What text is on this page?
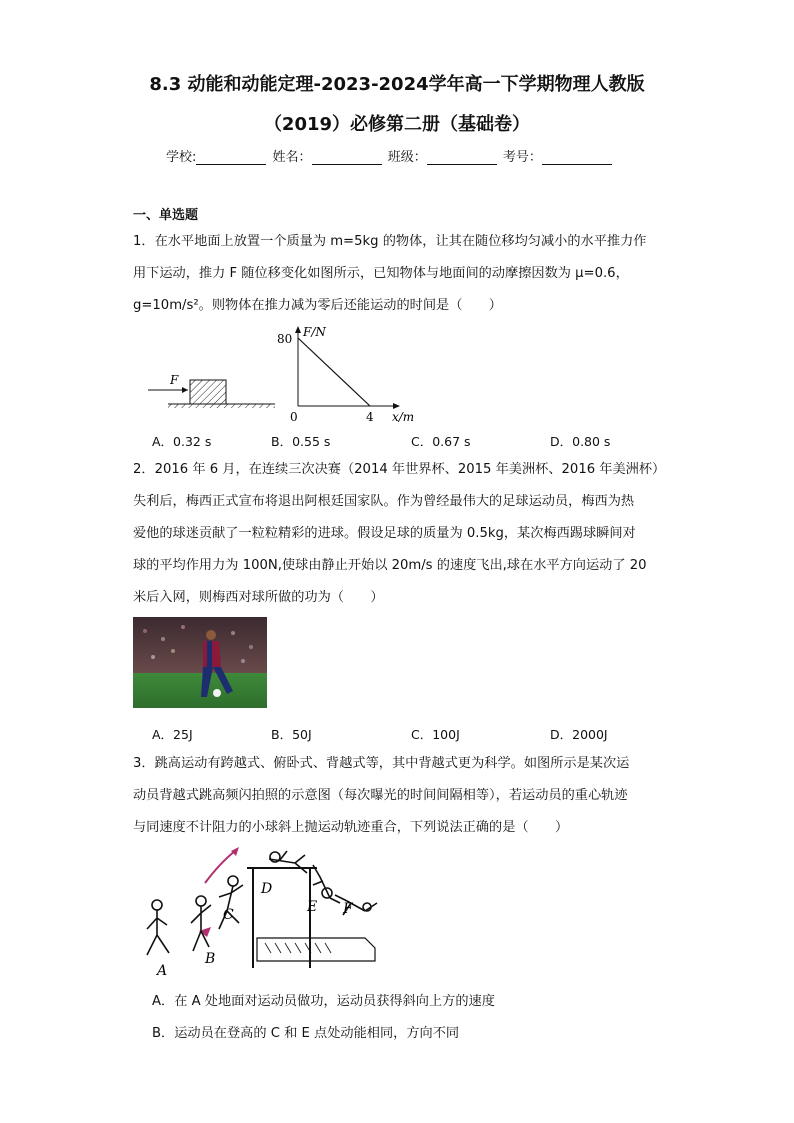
8.3 动能和动能定理-2023-2024学年高一下学期物理人教版
（2019）必修第二册（基础卷）
学校:	姓名：	班级：	考号：
一、单选题
1．在水平地面上放置一个质量为 m=5kg 的物体，让其在随位移均匀减小的水平推力作
用下运动，推力 F 随位移变化如图所示，已知物体与地面间的动摩擦因数为 μ=0.6，
g=10m/s²。则物体在推力减为零后还能运动的时间是（　　）
F
F/N
80
0	4 x/m
A．0.32 s	B．0.55 s	C．0.67 s	D．0.80 s
2．2016 年 6 月，在连续三次决赛（2014 年世界杯、2015 年美洲杯、2016 年美洲杯）
失利后，梅西正式宣布将退出阿根廷国家队。作为曾经最伟大的足球运动员，梅西为热
爱他的球迷贡献了一粒粒精彩的进球。假设足球的质量为 0.5kg，某次梅西踢球瞬间对
球的平均作用力为 100N,使球由静止开始以 20m/s 的速度飞出,球在水平方向运动了 20
米后入网，则梅西对球所做的功为（　　）
A．25J	B．50J	C．100J	D．2000J
3．跳高运动有跨越式、俯卧式、背越式等，其中背越式更为科学。如图所示是某次运
动员背越式跳高频闪拍照的示意图（每次曝光的时间间隔相等），若运动员的重心轨迹
与同速度不计阻力的小球斜上抛运动轨迹重合，下列说法正确的是（　　）
A
B
C
D
E F
A．在 A 处地面对运动员做功，运动员获得斜向上方的速度
B．运动员在登高的 C 和 E 点处动能相同，方向不同
